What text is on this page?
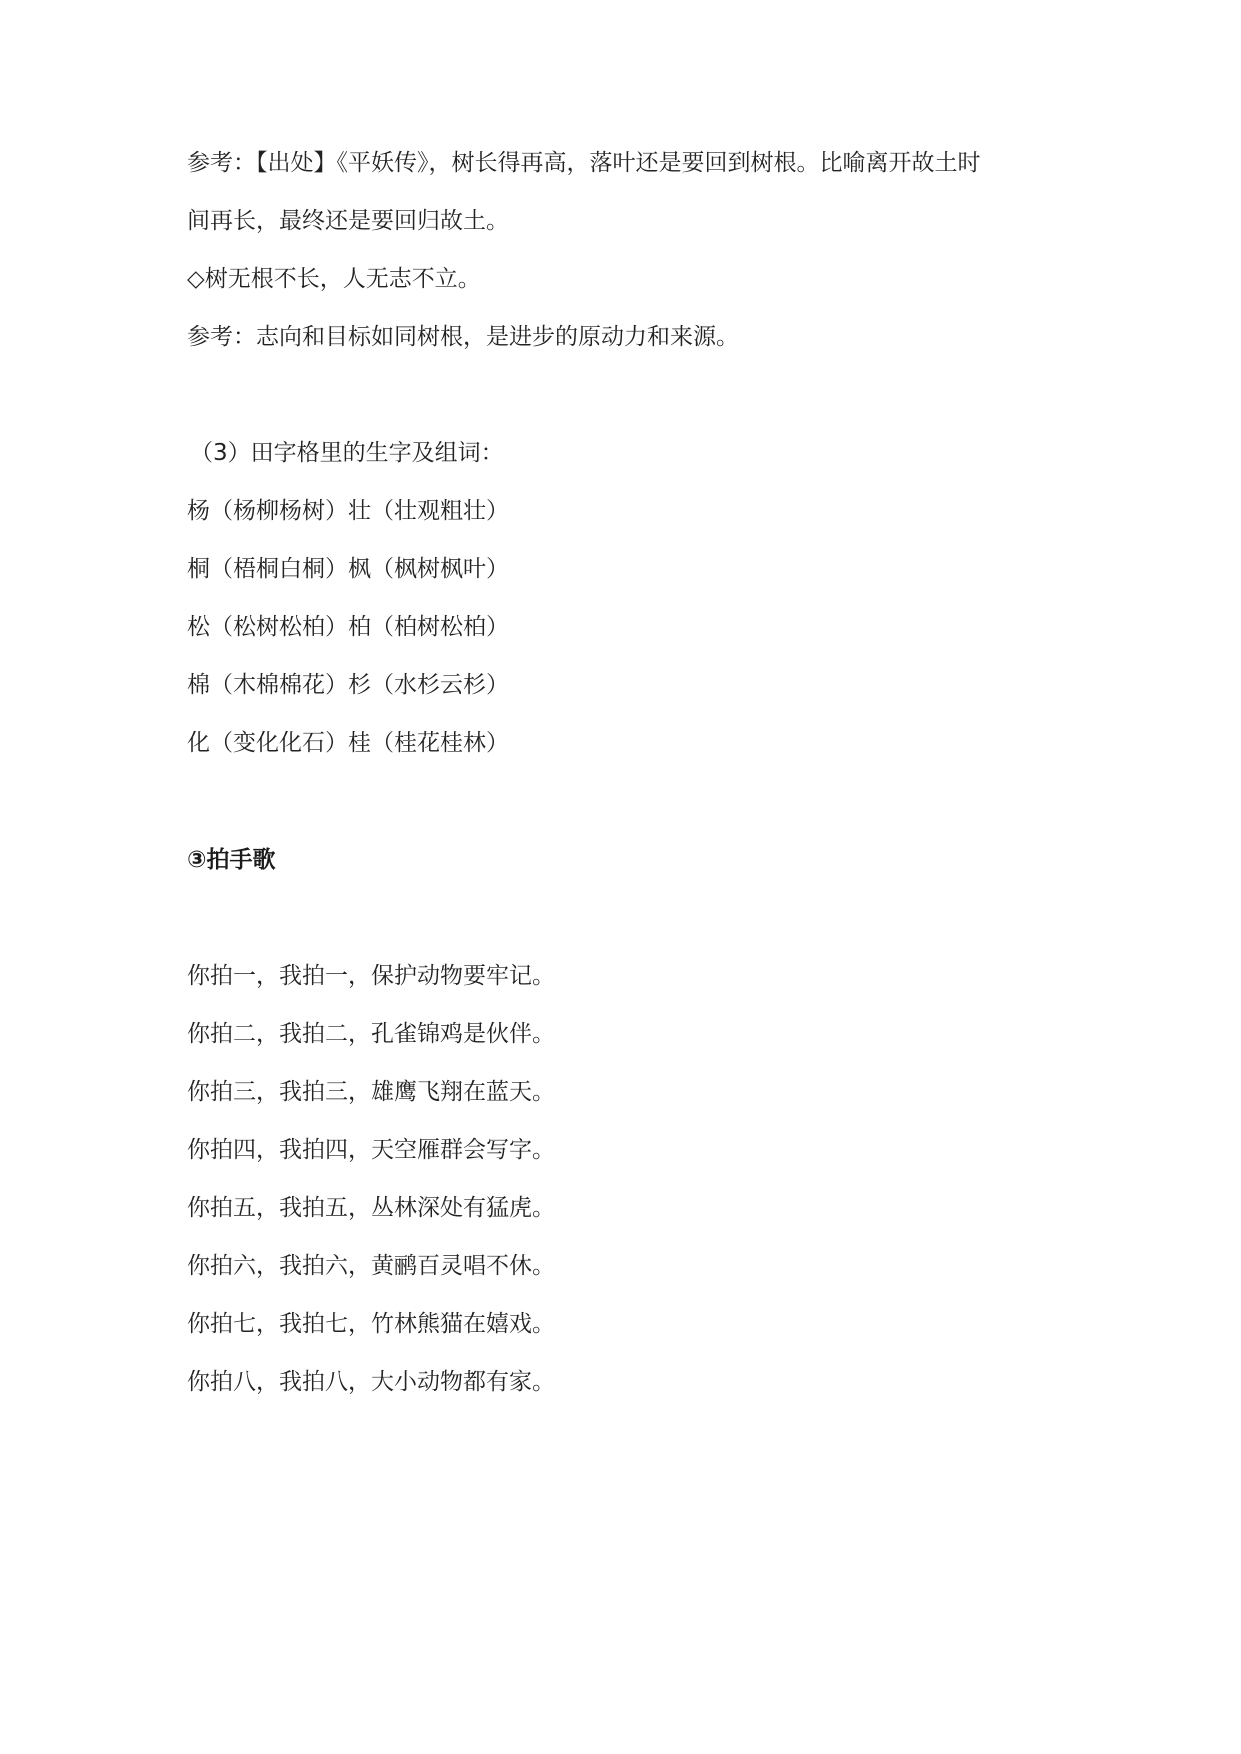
参考：【出处】《平妖传》，树长得再高，落叶还是要回到树根。比喻离开故土时
间再长，最终还是要回归故土。
◇树无根不长，人无志不立。
参考：志向和目标如同树根，是进步的原动力和来源。
（3）田字格里的生字及组词：
杨（杨柳杨树）壮（壮观粗壮）
桐（梧桐白桐）枫（枫树枫叶）
松（松树松柏）柏（柏树松柏）
棉（木棉棉花）杉（水杉云杉）
化（变化化石）桂（桂花桂林）
③拍手歌
你拍一，我拍一，保护动物要牢记。
你拍二，我拍二，孔雀锦鸡是伙伴。
你拍三，我拍三，雄鹰飞翔在蓝天。
你拍四，我拍四，天空雁群会写字。
你拍五，我拍五，丛林深处有猛虎。
你拍六，我拍六，黄鹂百灵唱不休。
你拍七，我拍七，竹林熊猫在嬉戏。
你拍八，我拍八，大小动物都有家。
